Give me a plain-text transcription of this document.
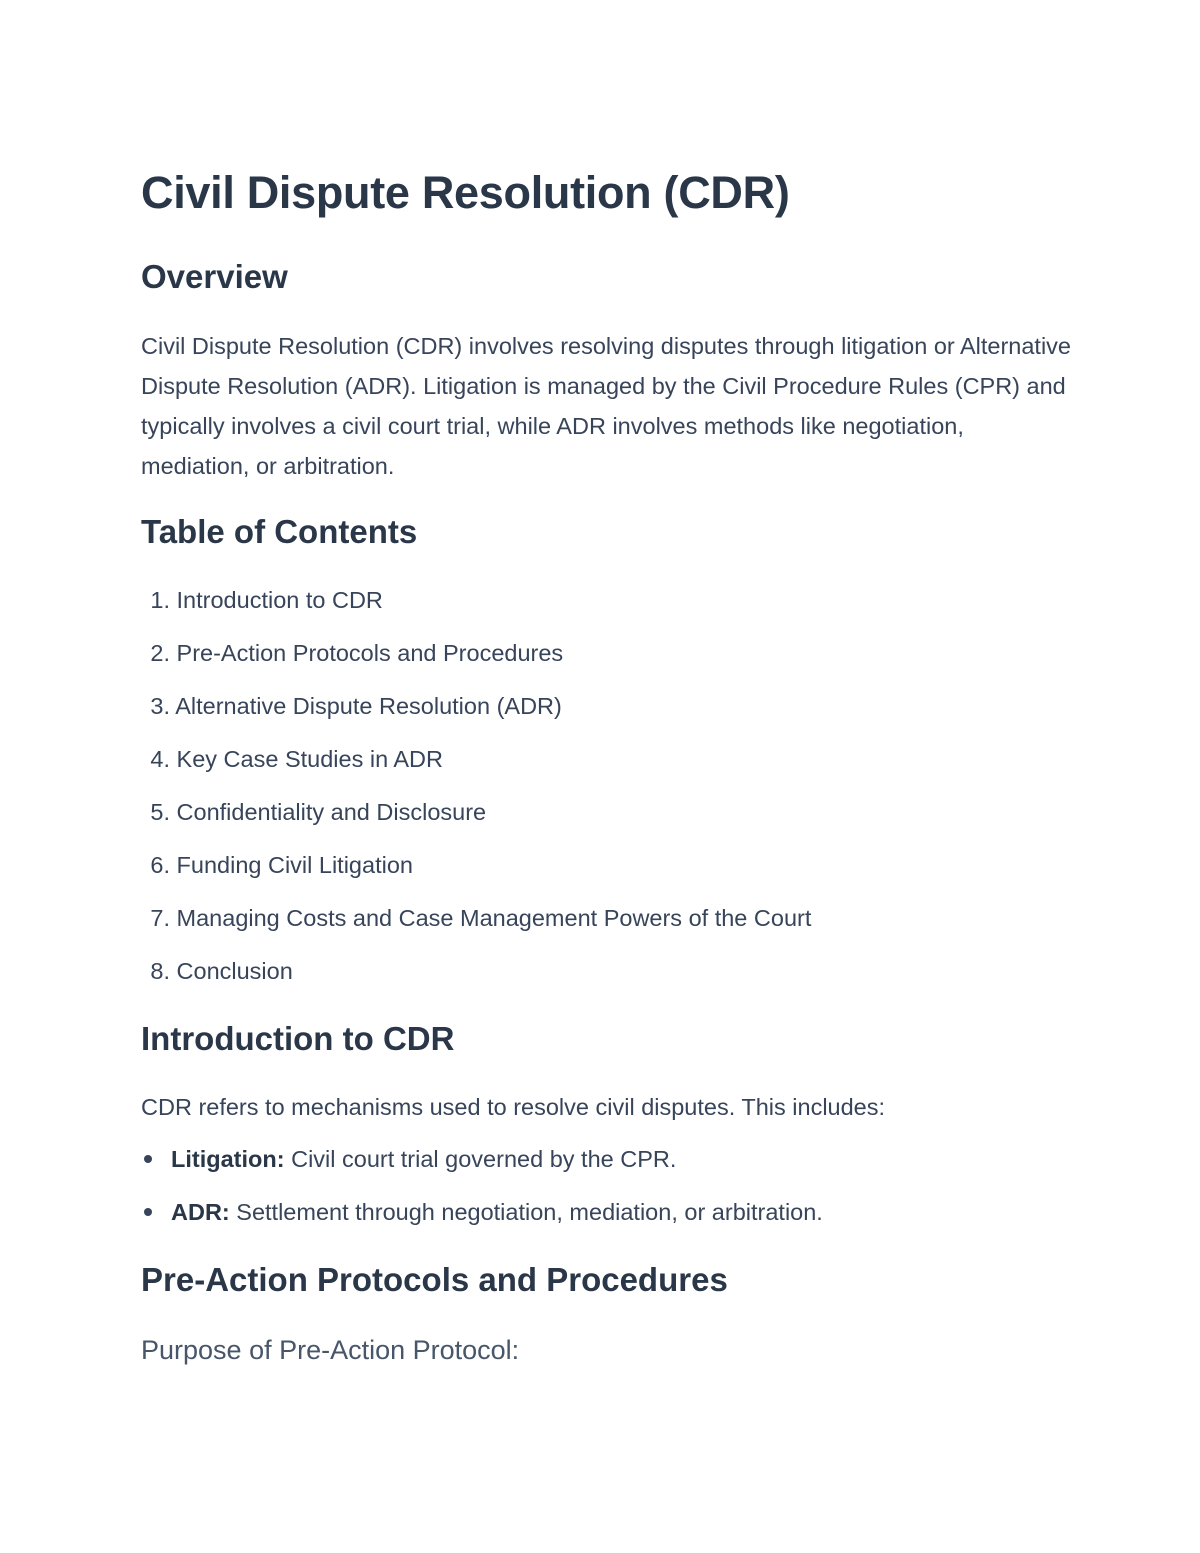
Civil Dispute Resolution (CDR)
Overview

Civil Dispute Resolution (CDR) involves resolving disputes through litigation or Alternative Dispute Resolution (ADR). Litigation is managed by the Civil Procedure Rules (CPR) and typically involves a civil court trial, while ADR involves methods like negotiation, mediation, or arbitration.

Table of Contents
1. Introduction to CDR
2. Pre-Action Protocols and Procedures
3. Alternative Dispute Resolution (ADR)
4. Key Case Studies in ADR
5. Confidentiality and Disclosure
6. Funding Civil Litigation
7. Managing Costs and Case Management Powers of the Court
8. Conclusion
Introduction to CDR

CDR refers to mechanisms used to resolve civil disputes. This includes:

Litigation: Civil court trial governed by the CPR.
ADR: Settlement through negotiation, mediation, or arbitration.
Pre-Action Protocols and Procedures
Purpose of Pre-Action Protocol:
